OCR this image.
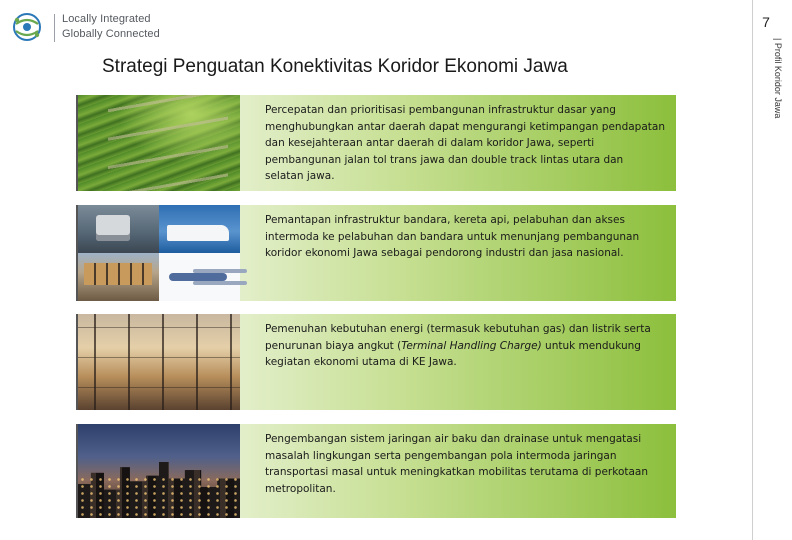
Locally Integrated
Globally Connected
7
| Profil Koridor Jawa
Strategi Penguatan Konektivitas Koridor Ekonomi Jawa
Percepatan dan prioritisasi pembangunan infrastruktur dasar yang menghubungkan antar daerah dapat mengurangi ketimpangan pendapatan dan kesejahteraan antar daerah di dalam koridor Jawa, seperti pembangunan jalan tol trans jawa dan double track lintas utara dan selatan jawa.
Pemantapan infrastruktur bandara, kereta api, pelabuhan dan akses intermoda ke pelabuhan dan bandara untuk menunjang pembangunan koridor ekonomi Jawa sebagai pendorong industri dan jasa nasional.
Pemenuhan kebutuhan energi (termasuk kebutuhan gas) dan listrik serta penurunan biaya angkut (Terminal Handling Charge) untuk mendukung kegiatan ekonomi utama di KE Jawa.
Pengembangan sistem jaringan air baku dan drainase untuk mengatasi masalah lingkungan serta pengembangan pola intermoda jaringan transportasi masal untuk meningkatkan mobilitas terutama di perkotaan metropolitan.
